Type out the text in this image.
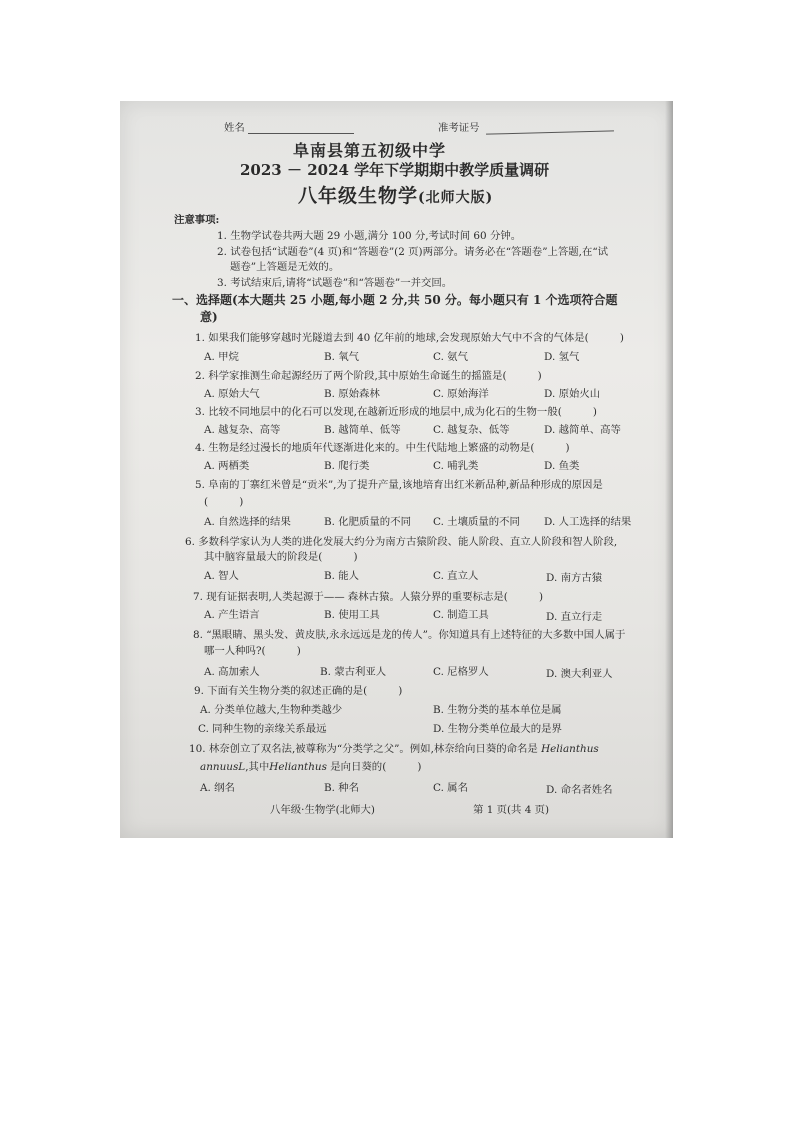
姓名	准考证号
阜南县第五初级中学
2023 － 2024 学年下学期期中教学质量调研
八年级生物学(北师大版)
注意事项:
1. 生物学试卷共两大题 29 小题,满分 100 分,考试时间 60 分钟。
2. 试卷包括“试题卷”(4 页)和“答题卷”(2 页)两部分。请务必在“答题卷”上答题,在“试
题卷”上答题是无效的。
3. 考试结束后,请将“试题卷”和“答题卷”一并交回。
一、选择题(本大题共 25 小题,每小题 2 分,共 50 分。每小题只有 1 个选项符合题
意)
1. 如果我们能够穿越时光隧道去到 40 亿年前的地球,会发现原始大气中不含的气体是(　　　)
A. 甲烷	B. 氧气	C. 氨气	D. 氢气
2. 科学家推测生命起源经历了两个阶段,其中原始生命诞生的摇篮是(　　　)
A. 原始大气	B. 原始森林	C. 原始海洋	D. 原始火山
3. 比较不同地层中的化石可以发现,在越新近形成的地层中,成为化石的生物一般(　　　)
A. 越复杂、高等	B. 越简单、低等	C. 越复杂、低等	D. 越简单、高等
4. 生物是经过漫长的地质年代逐渐进化来的。中生代陆地上繁盛的动物是(　　　)
A. 两栖类	B. 爬行类	C. 哺乳类	D. 鱼类
5. 阜南的丁寨红米曾是“贡米”,为了提升产量,该地培育出红米新品种,新品种形成的原因是
(　　　)
A. 自然选择的结果	B. 化肥质量的不同 C. 土壤质量的不同 D. 人工选择的结果
6. 多数科学家认为人类的进化发展大约分为南方古猿阶段、能人阶段、直立人阶段和智人阶段,
其中脑容量最大的阶段是(　　　)
A. 智人	B. 能人	C. 直立人	D. 南方古猿
7. 现有证据表明,人类起源于—— 森林古猿。人猿分界的重要标志是(　　　)
A. 产生语言	B. 使用工具	C. 制造工具	D. 直立行走
8. “黑眼睛、黑头发、黄皮肤,永永远远是龙的传人”。你知道具有上述特征的大多数中国人属于
哪一人种吗?(　　　)
A. 高加索人	B. 蒙古利亚人	C. 尼格罗人	D. 澳大利亚人
9. 下面有关生物分类的叙述正确的是(　　　)
A. 分类单位越大,生物种类越少	B. 生物分类的基本单位是属
C. 同种生物的亲缘关系最远	D. 生物分类单位最大的是界
10. 林奈创立了双名法,被尊称为“分类学之父”。例如,林奈给向日葵的命名是 Helianthus
annuusL,其中Helianthus 是向日葵的(　　　)
A. 纲名	B. 种名	C. 属名	D. 命名者姓名
八年级·生物学(北师大)	第 1 页(共 4 页)
